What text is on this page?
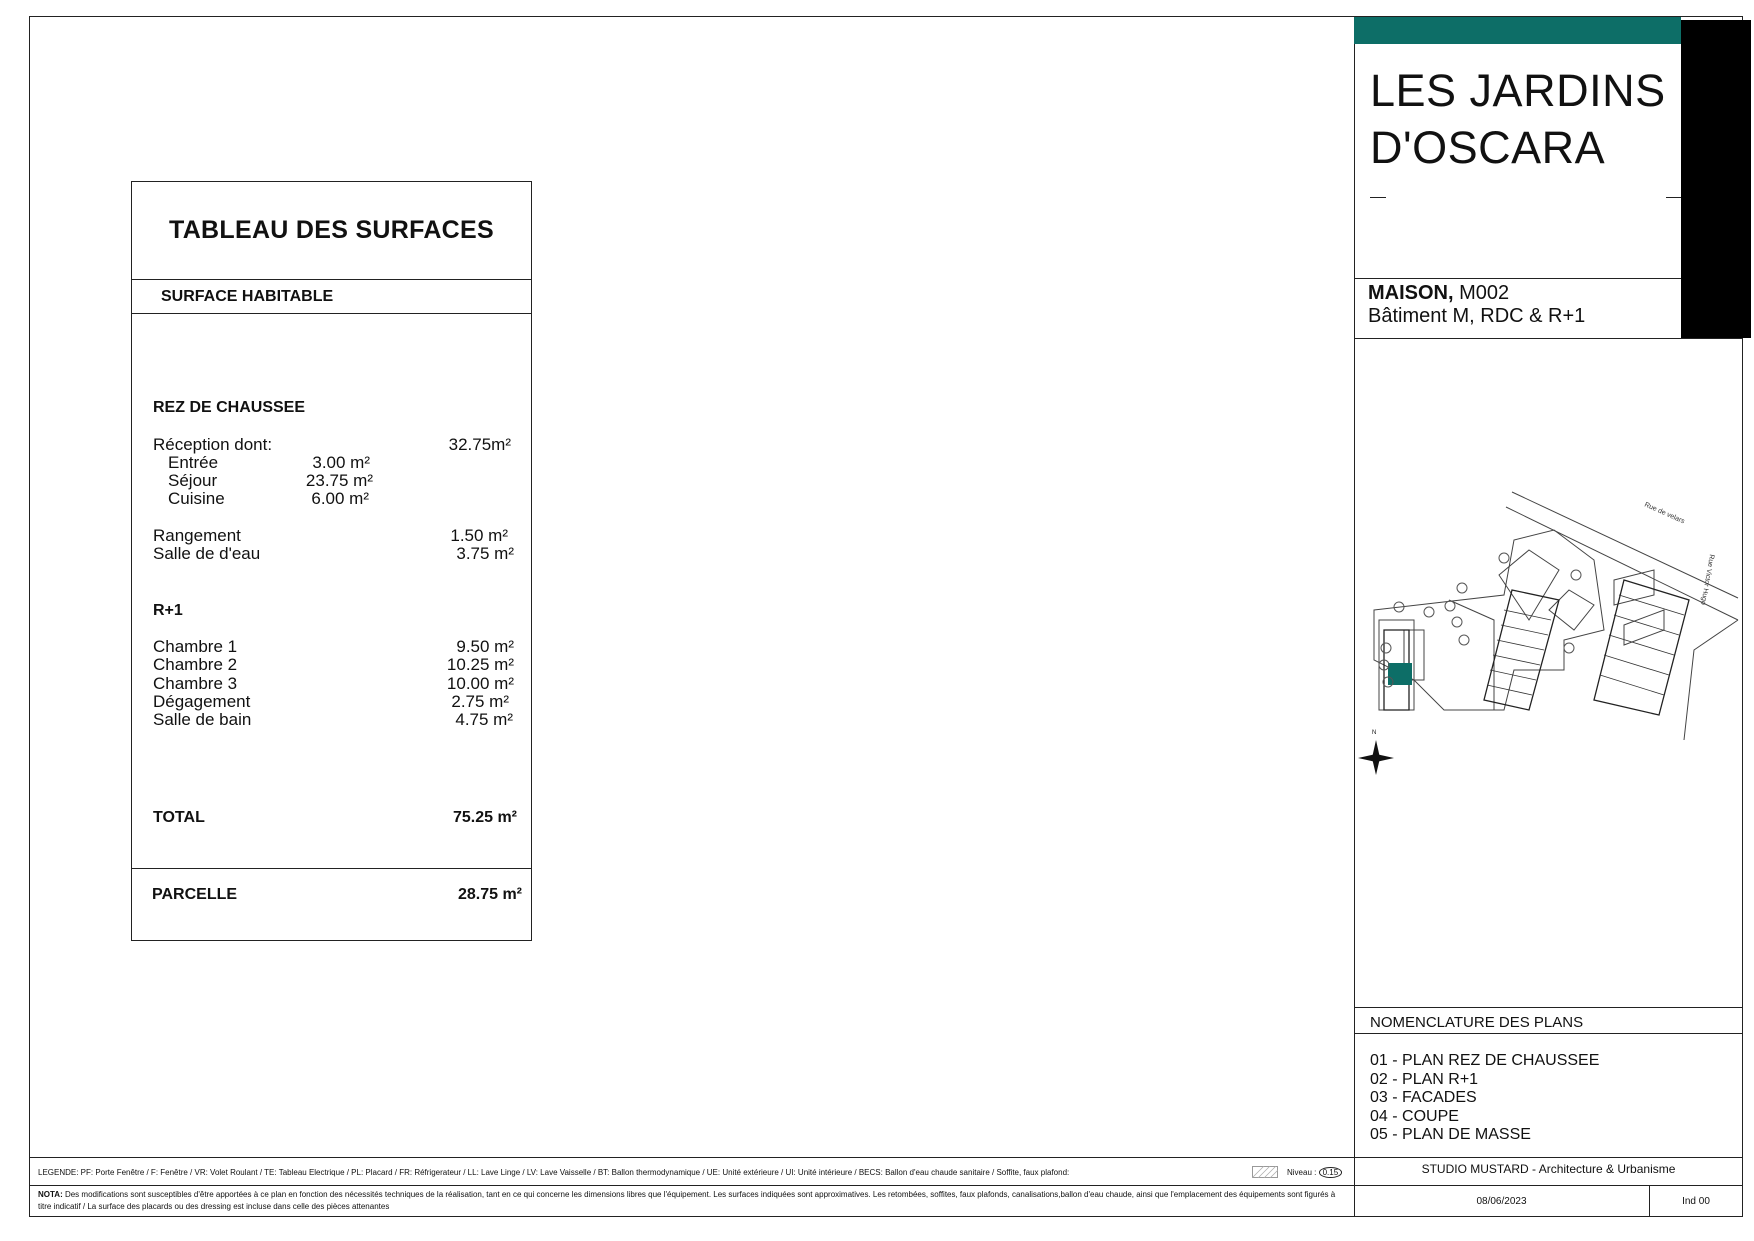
TABLEAU DES SURFACES
SURFACE HABITABLE
REZ DE CHAUSSEE
Réception dont:	32.75m²
Entrée	3.00 m²
Séjour	23.75 m²
Cuisine	6.00 m²
Rangement	1.50 m²
Salle de d'eau	3.75 m²
R+1
Chambre 1	9.50 m²
Chambre 2	10.25 m²
Chambre 3	10.00 m²
Dégagement	2.75 m²
Salle de bain	4.75 m²
TOTAL	75.25 m²
PARCELLE	28.75 m²
LES JARDINS
D'OSCARA
MAISON, M002
Bâtiment M, RDC & R+1
Rue de velars
Rue Victor Hugo
N
NOMENCLATURE DES PLANS
01 - PLAN REZ DE CHAUSSEE
02 - PLAN R+1
03 - FACADES
04 - COUPE
05 - PLAN DE MASSE
LEGENDE: PF: Porte Fenêtre / F: Fenêtre / VR: Volet Roulant / TE: Tableau Electrique / PL: Placard / FR: Réfrigerateur / LL: Lave Linge / LV: Lave Vaisselle / BT: Ballon thermodynamique / UE: Unité extérieure / UI: Unité intérieure / BECS: Ballon d'eau chaude sanitaire / Soffite, faux plafond:	Niveau : 0.15
NOTA: Des modifications sont susceptibles d'être apportées à ce plan en fonction des nécessités techniques de la réalisation, tant en ce qui concerne les dimensions libres que l'équipement. Les surfaces indiquées sont approximatives. Les retombées, soffites, faux plafonds, canalisations,ballon d'eau chaude, ainsi que l'emplacement des équipements sont figurés à titre indicatif / La surface des placards ou des dressing est incluse dans celle des pièces attenantes
STUDIO MUSTARD - Architecture & Urbanisme
08/06/2023	Ind 00
